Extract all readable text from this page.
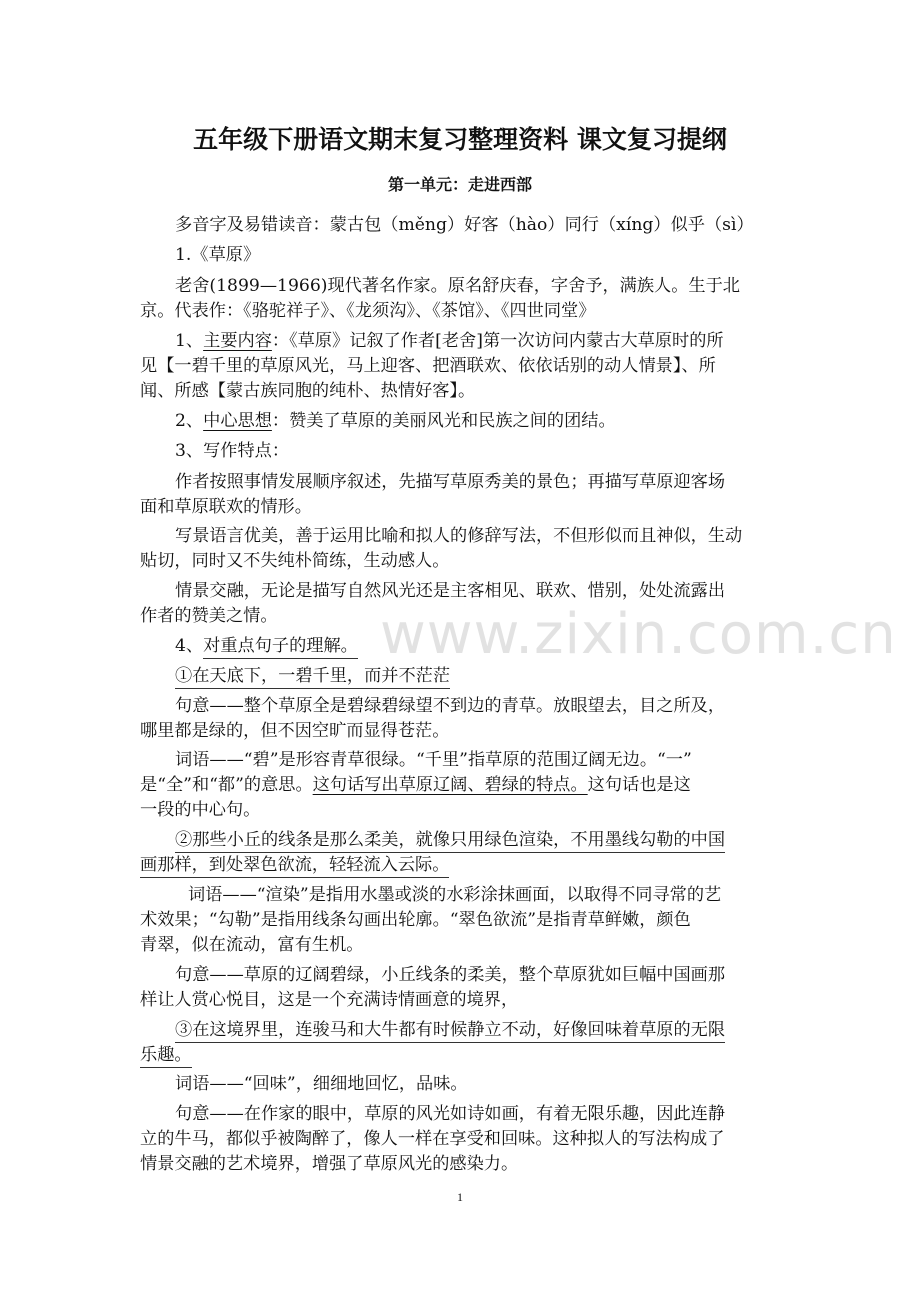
五年级下册语文期末复习整理资料 课文复习提纲
第一单元：走进西部
多音字及易错读音：蒙古包（měng）好客（hào）同行（xíng）似乎（sì）
1.《草原》
老舍(1899—1966)现代著名作家。原名舒庆春，字舍予，满族人。生于北
京。代表作：《骆驼祥子》、《龙须沟》、《茶馆》、《四世同堂》
1、主要内容：《草原》记叙了作者[老舍]第一次访问内蒙古大草原时的所
见【一碧千里的草原风光，马上迎客、把酒联欢、依依话别的动人情景】、所
闻、所感【蒙古族同胞的纯朴、热情好客】。
2、中心思想：赞美了草原的美丽风光和民族之间的团结。
3、写作特点：
作者按照事情发展顺序叙述，先描写草原秀美的景色；再描写草原迎客场
面和草原联欢的情形。
写景语言优美，善于运用比喻和拟人的修辞写法，不但形似而且神似，生动
贴切，同时又不失纯朴简练，生动感人。
情景交融，无论是描写自然风光还是主客相见、联欢、惜别，处处流露出
作者的赞美之情。	www.zixin.com.cn
4、对重点句子的理解。
①在天底下，一碧千里，而并不茫茫
句意——整个草原全是碧绿碧绿望不到边的青草。放眼望去，目之所及，
哪里都是绿的，但不因空旷而显得苍茫。
词语——“碧”是形容青草很绿。“千里”指草原的范围辽阔无边。“一”
是“全”和“都”的意思。这句话写出草原辽阔、碧绿的特点。这句话也是这
一段的中心句。
②那些小丘的线条是那么柔美，就像只用绿色渲染，不用墨线勾勒的中国
画那样，到处翠色欲流，轻轻流入云际。
词语——“渲染”是指用水墨或淡的水彩涂抹画面，以取得不同寻常的艺
术效果；“勾勒”是指用线条勾画出轮廓。“翠色欲流”是指青草鲜嫩，颜色
青翠，似在流动，富有生机。
句意——草原的辽阔碧绿，小丘线条的柔美，整个草原犹如巨幅中国画那
样让人赏心悦目，这是一个充满诗情画意的境界，
③在这境界里，连骏马和大牛都有时候静立不动，好像回味着草原的无限
乐趣。
词语——“回味”，细细地回忆，品味。
句意——在作家的眼中，草原的风光如诗如画，有着无限乐趣，因此连静
立的牛马，都似乎被陶醉了，像人一样在享受和回味。这种拟人的写法构成了
情景交融的艺术境界，增强了草原风光的感染力。
1
